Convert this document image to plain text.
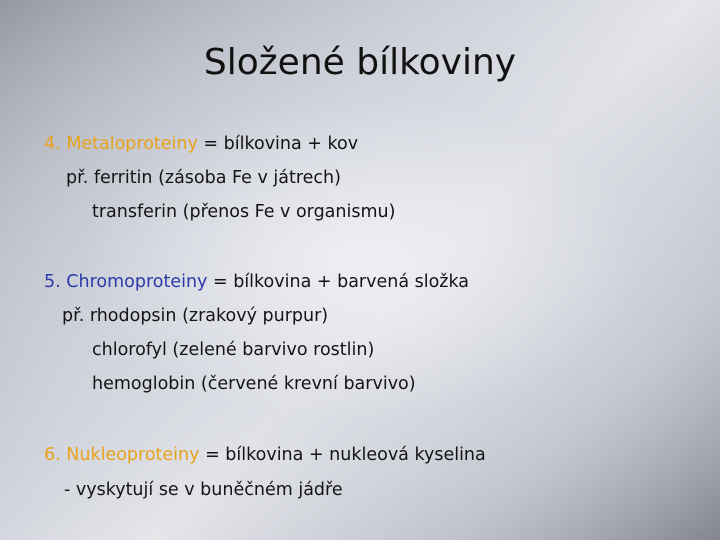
Složené bílkoviny
4. Metaloproteiny = bílkovina + kov
př. ferritin (zásoba Fe v játrech)
transferin (přenos Fe v organismu)
5. Chromoproteiny = bílkovina + barvená složka
př. rhodopsin (zrakový purpur)
chlorofyl (zelené barvivo rostlin)
hemoglobin (červené krevní barvivo)
6. Nukleoproteiny = bílkovina + nukleová kyselina
- vyskytují se v buněčném jádře
